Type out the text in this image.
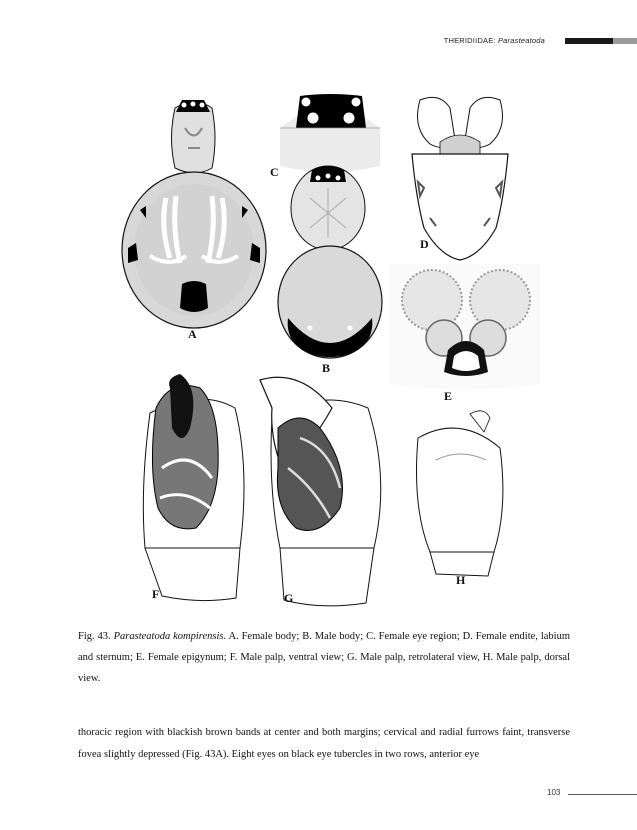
THERIDIIDAE: Parasteatoda
A
C
B
D
E
F	G
H

Fig. 43. Parasteatoda kompirensis. A. Female body; B. Male body; C. Female eye region; D. Female endite, labium and sternum; E. Female epigynum; F. Male palp, ventral view; G. Male palp, retrolateral view, H. Male palp, dorsal view.

thoracic region with blackish brown bands at center and both margins; cervical and radial furrows faint, transverse fovea slightly depressed (Fig. 43A). Eight eyes on black eye tubercles in two rows, anterior eye

103
